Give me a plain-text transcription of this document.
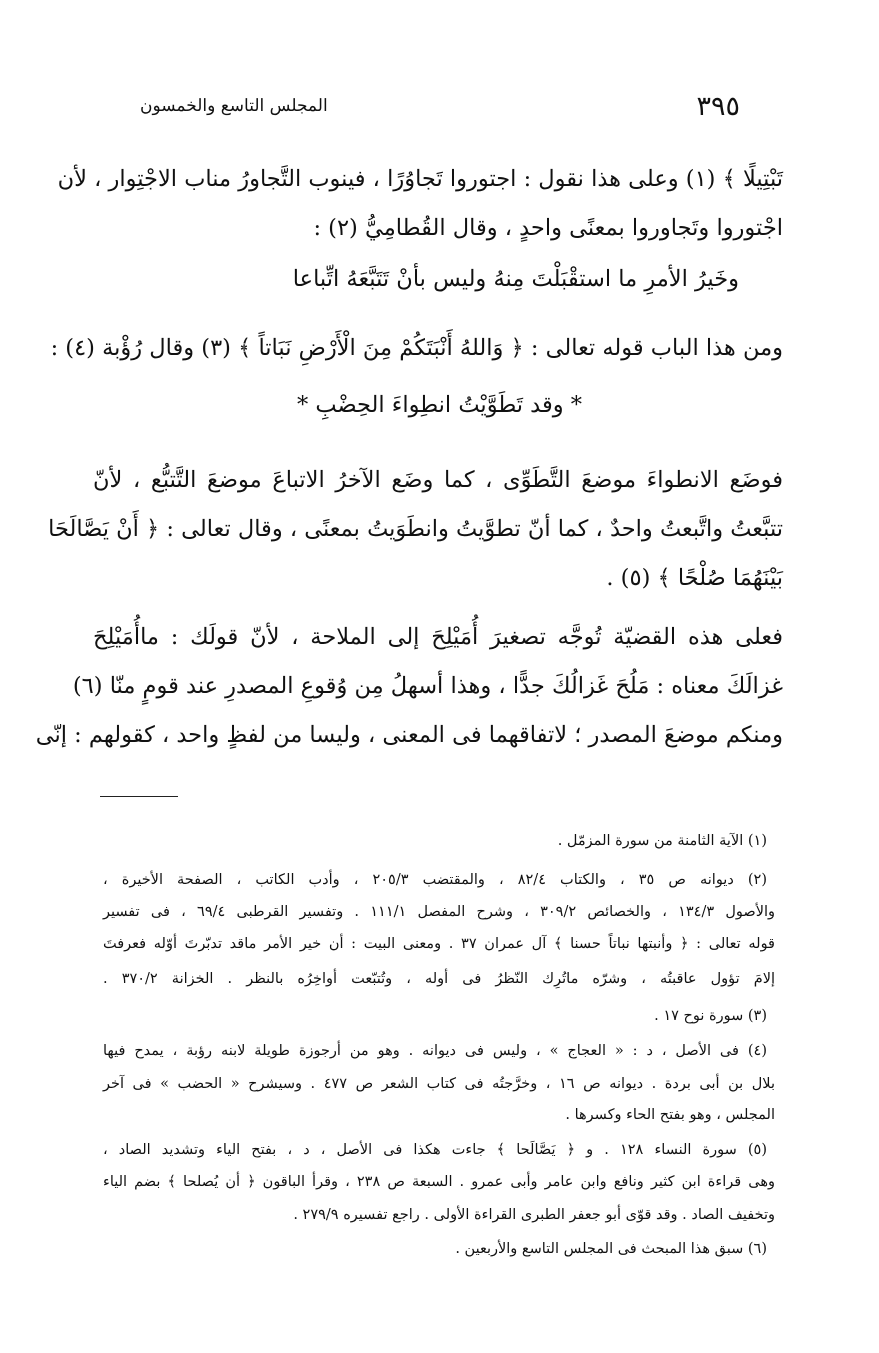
٣٩٥
المجلس التاسع والخمسون
تَبْتِيلًا ﴾ (١) وعلى هذا نقول : اجتوروا تَجاوُرًا ، فينوب التَّجاورُ مناب الاجْتِوار ، لأن
اجْتوروا وتَجاوروا بمعنًى واحدٍ ، وقال القُطامِيُّ (٢) :
وخَيرُ الأمرِ ما استقْبَلْتَ مِنهُ وليس بأنْ تَتَبَّعَهُ اتِّباعا
ومن هذا الباب قوله تعالى : ﴿ وَاللهُ أَنْبَتَكُمْ مِنَ الْأَرْضِ نَبَاتاً ﴾ (٣) وقال رُؤْبة (٤) :
* وقد تَطَوَّيْتُ انطِواءَ الحِضْبِ *
فوضَع الانطواءَ موضعَ التَّطَوِّى ، كما وضَع الآخرُ الاتباعَ موضعَ التَّتبُّع ، لأنّ
تتبَّعتُ واتَّبعتُ واحدٌ ، كما أنّ تطوَّيتُ وانطَوَيتُ بمعنًى ، وقال تعالى : ﴿ أَنْ يَصَّالَحَا
بَيْنَهُمَا صُلْحًا ﴾ (٥) .
فعلى هذه القضيّة تُوجَّه تصغيرَ أُمَيْلِحَ إلى الملاحة ، لأنّ قولَك : ماأُمَيْلِحَ
غزالَكَ معناه : مَلُحَ غَزالُكَ جدًّا ، وهذا أسهلُ مِن وُقوعِ المصدرِ عند قومٍ منّا (٦)
ومنكم موضعَ المصدر ؛ لاتفاقهما فى المعنى ، وليسا من لفظٍ واحد ، كقولهم : إنّى
(١) الآية الثامنة من سورة المزمّل .
(٢) ديوانه ص ٣٥ ، والكتاب ٨٢/٤ ، والمقتضب ٢٠٥/٣ ، وأدب الكاتب ، الصفحة الأخيرة ،
والأصول ١٣٤/٣ ، والخصائص ٣٠٩/٢ ، وشرح المفصل ١١١/١ . وتفسير القرطبى ٦٩/٤ ، فى تفسير
قوله تعالى : ﴿ وأنبتها نباتاً حسنا ﴾ آل عمران ٣٧ . ومعنى البيت : أن خير الأمر ماقد تدبّرتَ أوّله فعرفتَ
إلامَ تؤول عاقبتُه ، وشرّه ماتُرِك النّظرُ فى أوله ، وتُتبّعت أواخِرُه بالنظر . الخزانة ٣٧٠/٢ .
(٣) سورة نوح ١٧ .
(٤) فى الأصل ، د : « العجاج » ، وليس فى ديوانه . وهو من أرجوزة طويلة لابنه رؤبة ، يمدح فيها
بلال بن أبى بردة . ديوانه ص ١٦ ، وخرَّجتُه فى كتاب الشعر ص ٤٧٧ . وسيشرح « الحضب » فى آخر
المجلس ، وهو بفتح الحاء وكسرها .
(٥) سورة النساء ١٢٨ . و ﴿ يَصَّالَحا ﴾ جاءت هكذا فى الأصل ، د ، بفتح الياء وتشديد الصاد ،
وهى قراءة ابن كثير ونافع وابن عامر وأبى عمرو . السبعة ص ٢٣٨ ، وقرأ الباقون ﴿ أن يُصلحا ﴾ بضم الياء
وتخفيف الصاد . وقد قوّى أبو جعفر الطبرى القراءة الأولى . راجع تفسيره ٢٧٩/٩ .
(٦) سبق هذا المبحث فى المجلس التاسع والأربعين .
